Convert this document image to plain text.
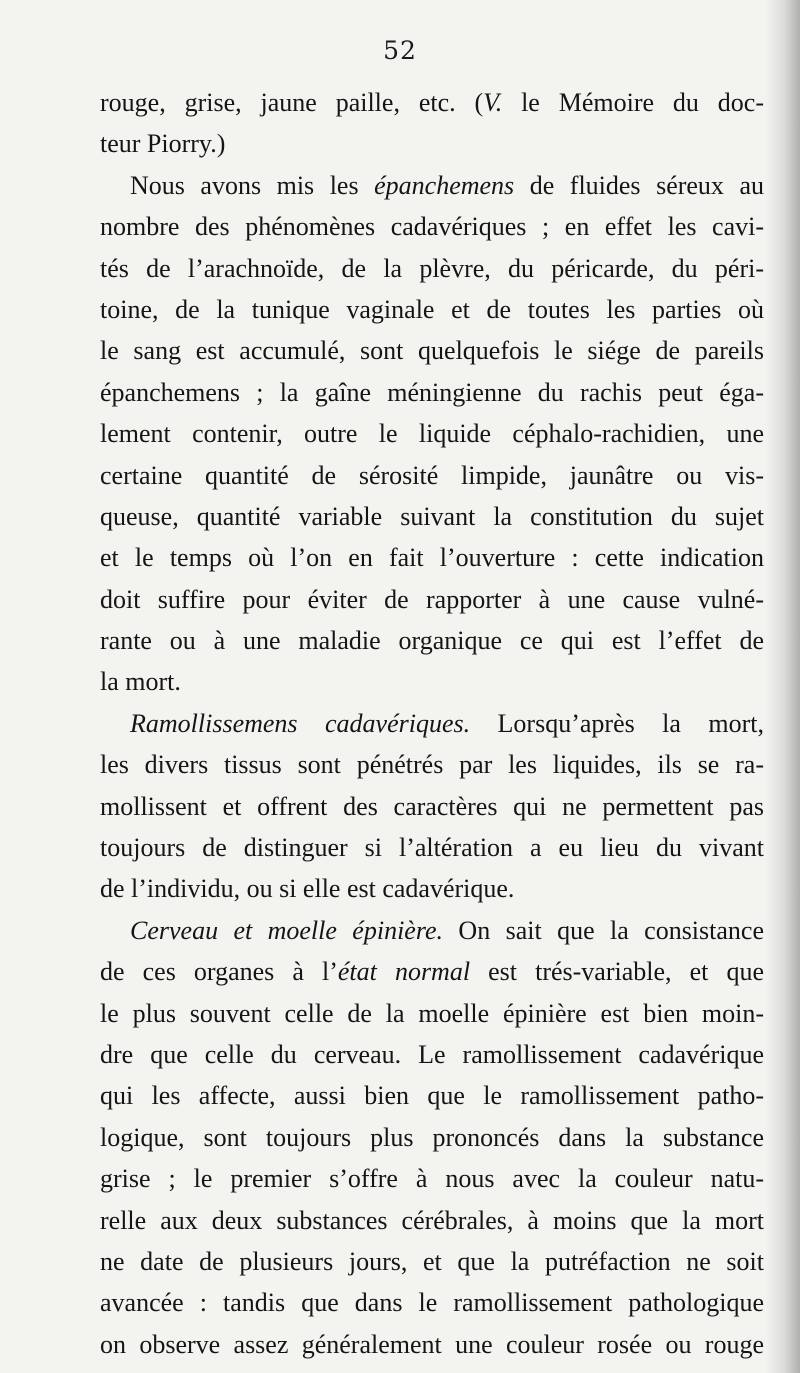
52
rouge, grise, jaune paille, etc. (V. le Mémoire du doc-
teur Piorry.)
Nous avons mis les épanchemens de fluides séreux au
nombre des phénomènes cadavériques ; en effet les cavi-
tés de l’arachnoïde, de la plèvre, du péricarde, du péri-
toine, de la tunique vaginale et de toutes les parties où
le sang est accumulé, sont quelquefois le siége de pareils
épanchemens ; la gaîne méningienne du rachis peut éga-
lement contenir, outre le liquide céphalo-rachidien, une
certaine quantité de sérosité limpide, jaunâtre ou vis-
queuse, quantité variable suivant la constitution du sujet
et le temps où l’on en fait l’ouverture : cette indication
doit suffire pour éviter de rapporter à une cause vulné-
rante ou à une maladie organique ce qui est l’effet de
la mort.
Ramollissemens cadavériques. Lorsqu’après la mort,
les divers tissus sont pénétrés par les liquides, ils se ra-
mollissent et offrent des caractères qui ne permettent pas
toujours de distinguer si l’altération a eu lieu du vivant
de l’individu, ou si elle est cadavérique.
Cerveau et moelle épinière. On sait que la consistance
de ces organes à l’état normal est trés-variable, et que
le plus souvent celle de la moelle épinière est bien moin-
dre que celle du cerveau. Le ramollissement cadavérique
qui les affecte, aussi bien que le ramollissement patho-
logique, sont toujours plus prononcés dans la substance
grise ; le premier s’offre à nous avec la couleur natu-
relle aux deux substances cérébrales, à moins que la mort
ne date de plusieurs jours, et que la putréfaction ne soit
avancée : tandis que dans le ramollissement pathologique
on observe assez généralement une couleur rosée ou rouge
